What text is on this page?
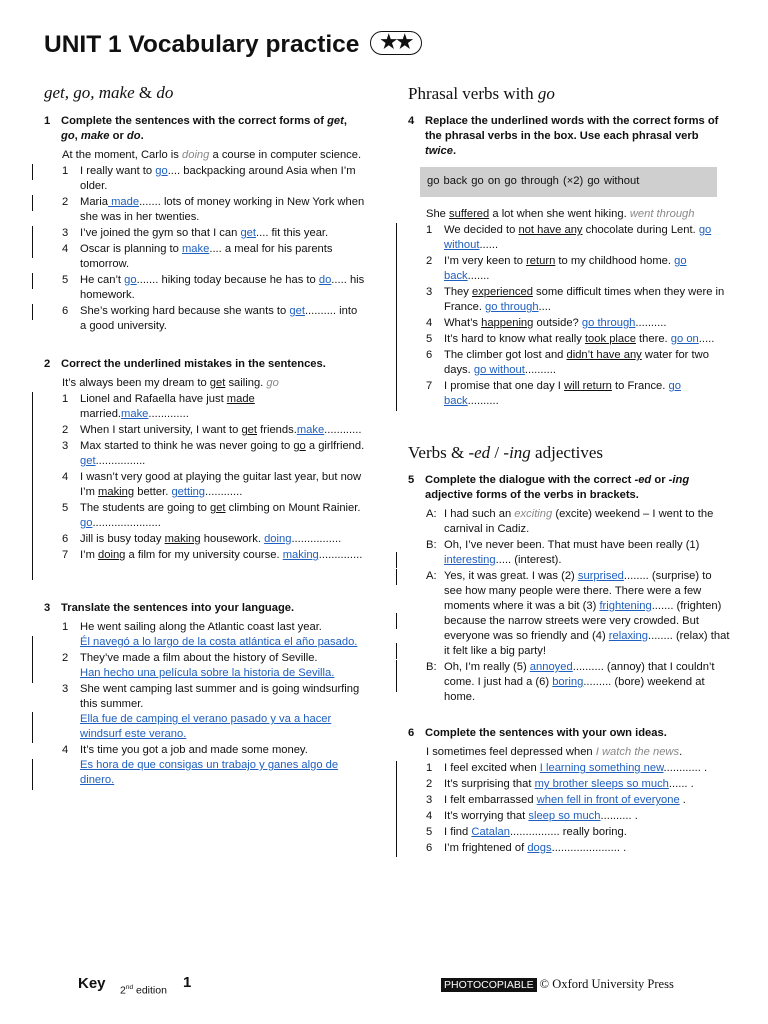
UNIT 1 Vocabulary practice ★★
get, go, make & do
1 Complete the sentences with the correct forms of get, go, make or do.
At the moment, Carlo is doing a course in computer science.
1	I really want to go.... backpacking around Asia when I’m older.
2	Maria made....... lots of money working in New York when she was in her twenties.
3	I’ve joined the gym so that I can get.... fit this year.
4	Oscar is planning to make.... a meal for his parents tomorrow.
5	He can’t go....... hiking today because he has to do..... his homework.
6	She’s working hard because she wants to get.......... into a good university.
2 Correct the underlined mistakes in the sentences.
It’s always been my dream to get sailing. go
1	Lionel and Rafaella have just made married.make.............
2	When I start university, I want to get friends.make............
3	Max started to think he was never going to go a girlfriend. get................
4	I wasn’t very good at playing the guitar last year, but now I’m making better. getting............
5	The students are going to get climbing on Mount Rainier. go......................
6	Jill is busy today making housework. doing................
7	I’m doing a film for my university course. making..............
3 Translate the sentences into your language.
1	He went sailing along the Atlantic coast last year.
Él navegó a lo largo de la costa atlántica el año pasado.
2	They’ve made a film about the history of Seville.
Han hecho una película sobre la historia de Sevilla.
3	She went camping last summer and is going windsurfing this summer.
Ella fue de camping el verano pasado y va a hacer windsurf este verano.
4	It’s time you got a job and made some money.
Es hora de que consigas un trabajo y ganes algo de dinero.
Phrasal verbs with go
4 Replace the underlined words with the correct forms of the phrasal verbs in the box. Use each phrasal verb twice.
go back go on go through (×2) go without
She suffered a lot when she went hiking. went through
1	We decided to not have any chocolate during Lent. go without......
2	I’m very keen to return to my childhood home. go back.......
3	They experienced some difficult times when they were in France. go through....
4	What’s happening outside? go through..........
5	It’s hard to know what really took place there. go on.....
6	The climber got lost and didn’t have any water for two days. go without..........
7	I promise that one day I will return to France. go back..........
Verbs & -ed / -ing adjectives
5 Complete the dialogue with the correct -ed or -ing adjective forms of the verbs in brackets.
A: I had such an exciting (excite) weekend – I went to the carnival in Cadiz.
B: Oh, I’ve never been. That must have been really (1) interesting..... (interest).
A: Yes, it was great. I was (2) surprised........ (surprise) to see how many people were there. There were a few moments where it was a bit (3) frightening....... (frighten) because the narrow streets were very crowded. But everyone was so friendly and (4) relaxing........ (relax) that it felt like a big party!
B: Oh, I’m really (5) annoyed.......... (annoy) that I couldn’t come. I just had a (6) boring......... (bore) weekend at home.
6 Complete the sentences with your own ideas.
I sometimes feel depressed when I watch the news.
1	I feel excited when I learning something new............ .
2	It’s surprising that my brother sleeps so much...... .
3	I felt embarrassed when fell in front of everyone .
4	It’s worrying that sleep so much.......... .
5	I find Catalan................ really boring.
6	I’m frightened of dogs...................... .
Key 2nd edition 1	PHOTOCOPIABLE © Oxford University Press
